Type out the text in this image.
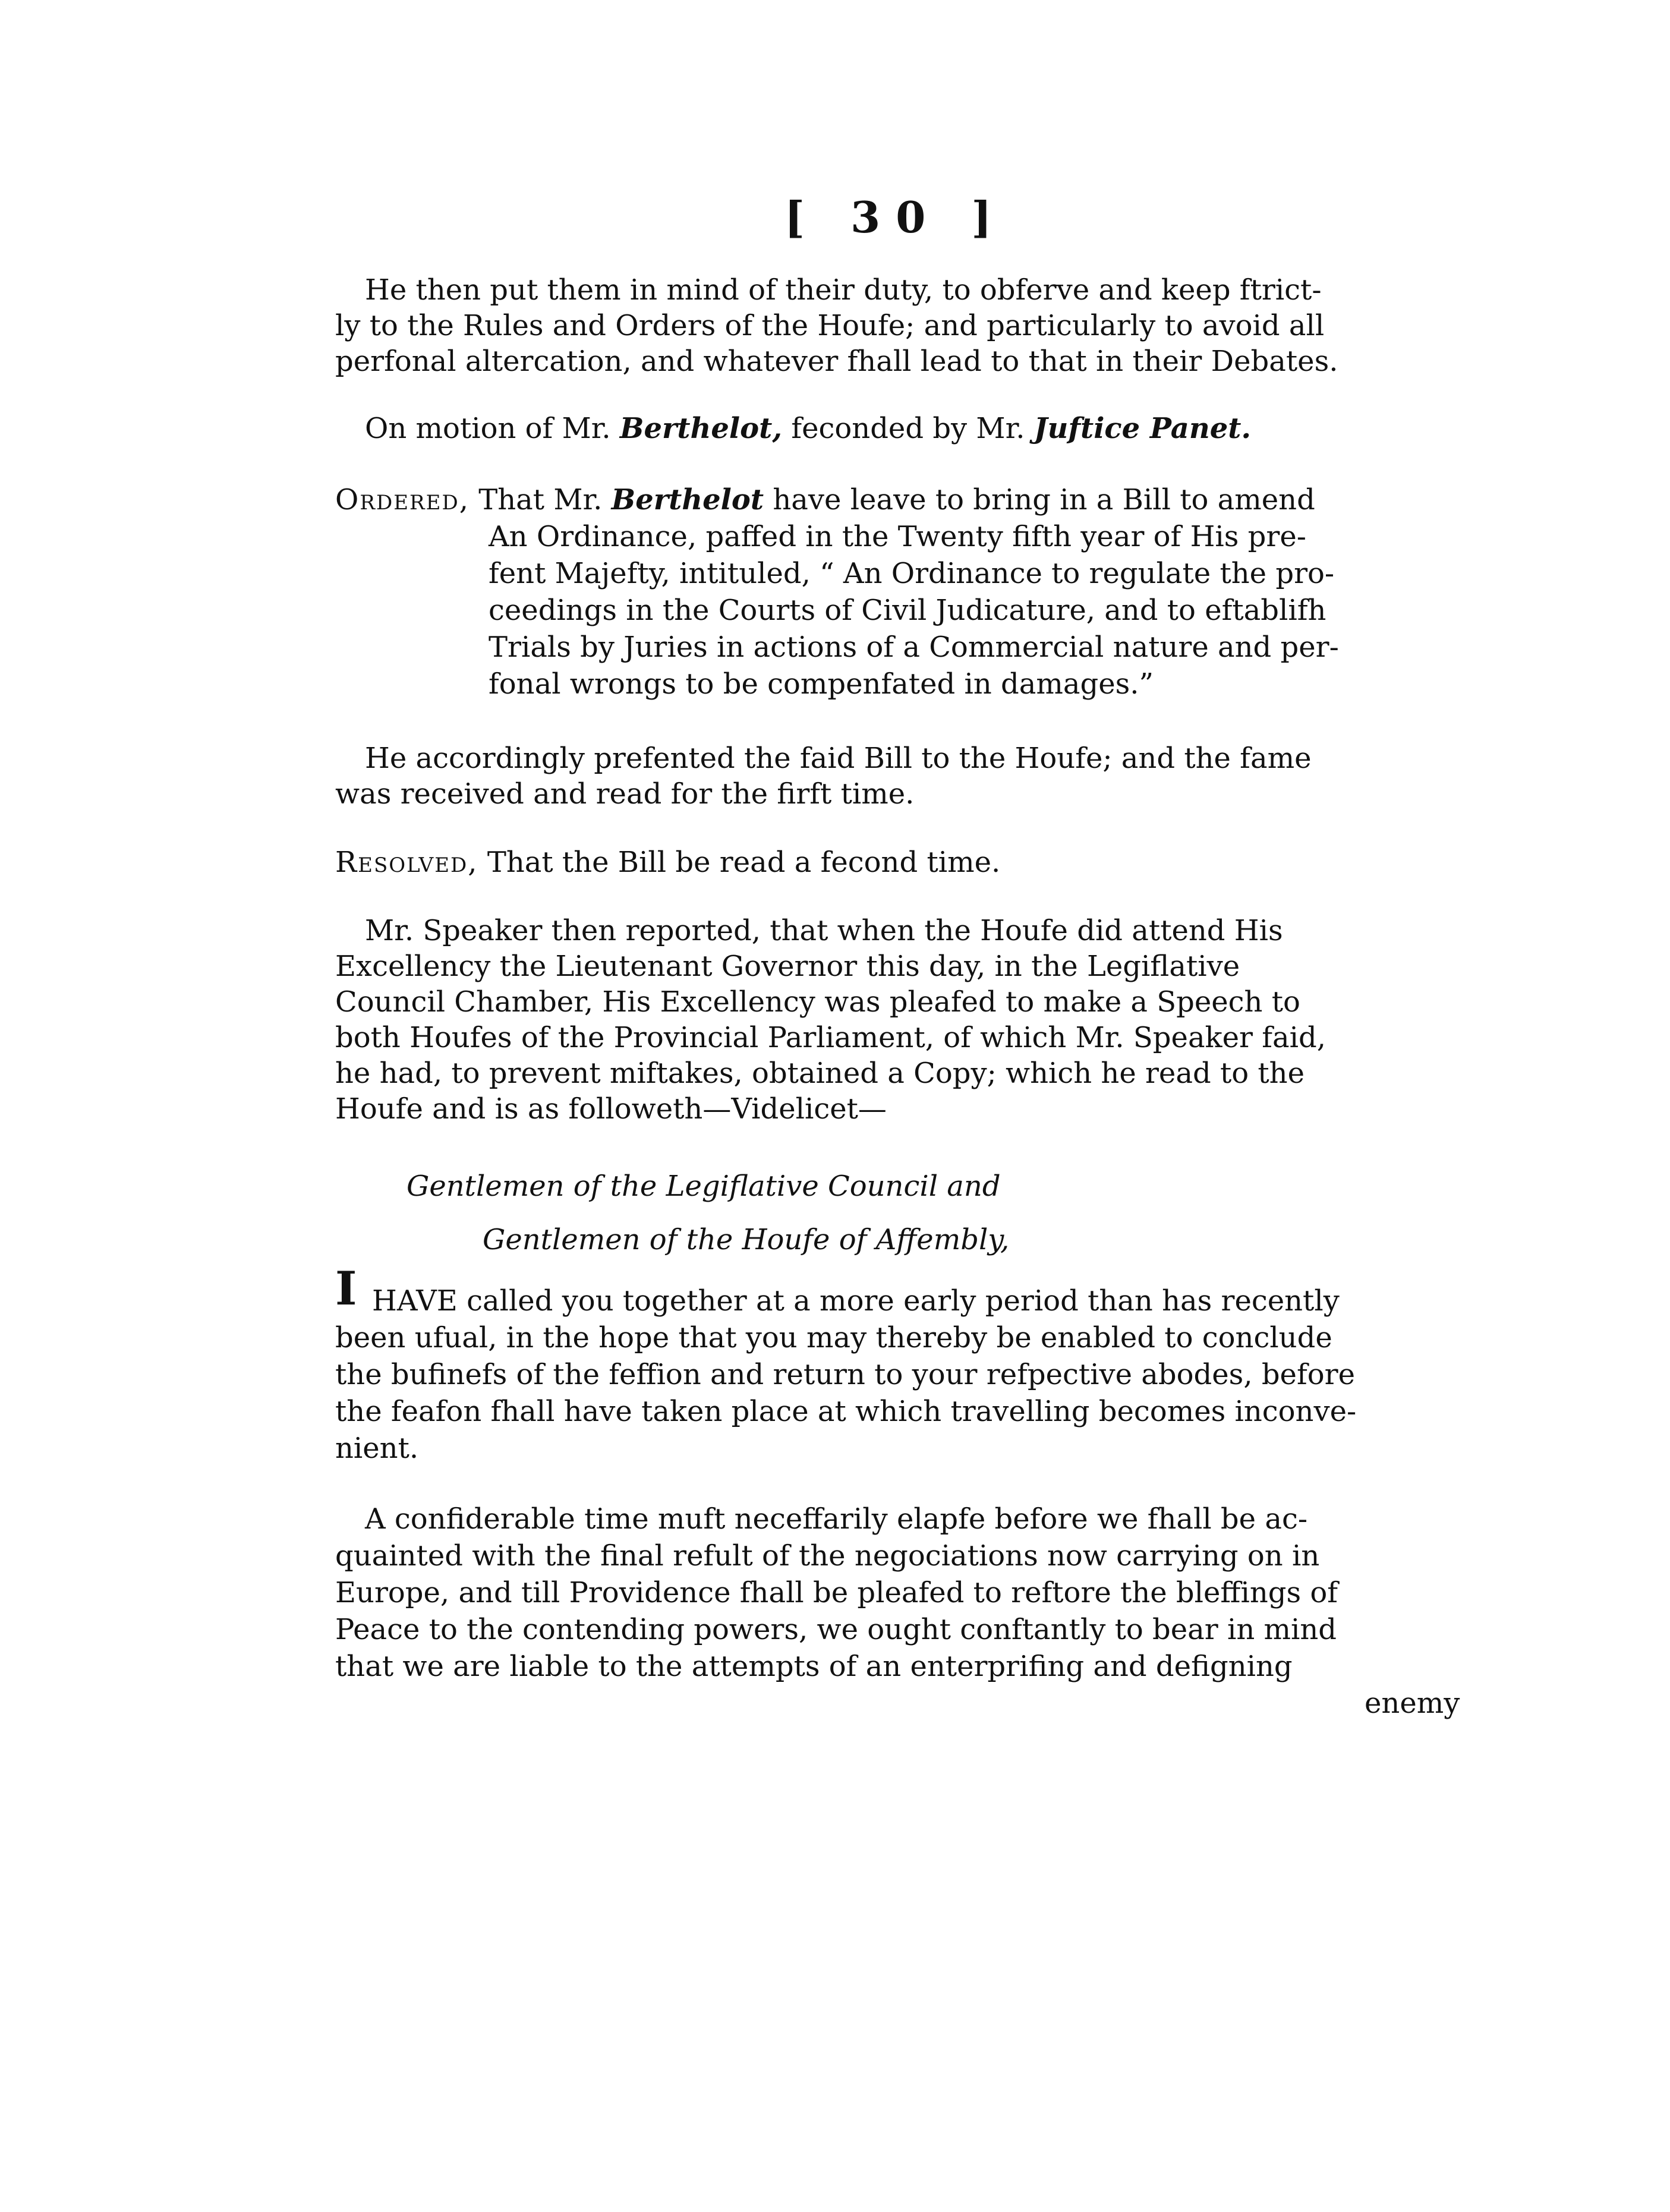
[ 30 ]
He then put them in mind of their duty, to obferve and keep ftrict-
ly to the Rules and Orders of the Houfe; and particularly to avoid all
perfonal altercation, and whatever fhall lead to that in their Debates.
On motion of Mr. Berthelot, feconded by Mr. Juftice Panet.
Ordered, That Mr. Berthelot have leave to bring in a Bill to amend
An Ordinance, paffed in the Twenty fifth year of His pre-
fent Majefty, intituled, “ An Ordinance to regulate the pro-
ceedings in the Courts of Civil Judicature, and to eftablifh
Trials by Juries in actions of a Commercial nature and per-
fonal wrongs to be compenfated in damages.”
He accordingly prefented the faid Bill to the Houfe; and the fame
was received and read for the firft time.
Resolved, That the Bill be read a fecond time.
Mr. Speaker then reported, that when the Houfe did attend His
Excellency the Lieutenant Governor this day, in the Legiflative
Council Chamber, His Excellency was pleafed to make a Speech to
both Houfes of the Provincial Parliament, of which Mr. Speaker faid,
he had, to prevent miftakes, obtained a Copy; which he read to the
Houfe and is as followeth—Videlicet—
Gentlemen of the Legiflative Council and
Gentlemen of the Houfe of Affembly,
I HAVE called you together at a more early period than has recently
been ufual, in the hope that you may thereby be enabled to conclude
the bufinefs of the feffion and return to your refpective abodes, before
the feafon fhall have taken place at which travelling becomes inconve-
nient.
A confiderable time muft neceffarily elapfe before we fhall be ac-
quainted with the final refult of the negociations now carrying on in
Europe, and till Providence fhall be pleafed to reftore the bleffings of
Peace to the contending powers, we ought conftantly to bear in mind
that we are liable to the attempts of an enterprifing and defigning
enemy
